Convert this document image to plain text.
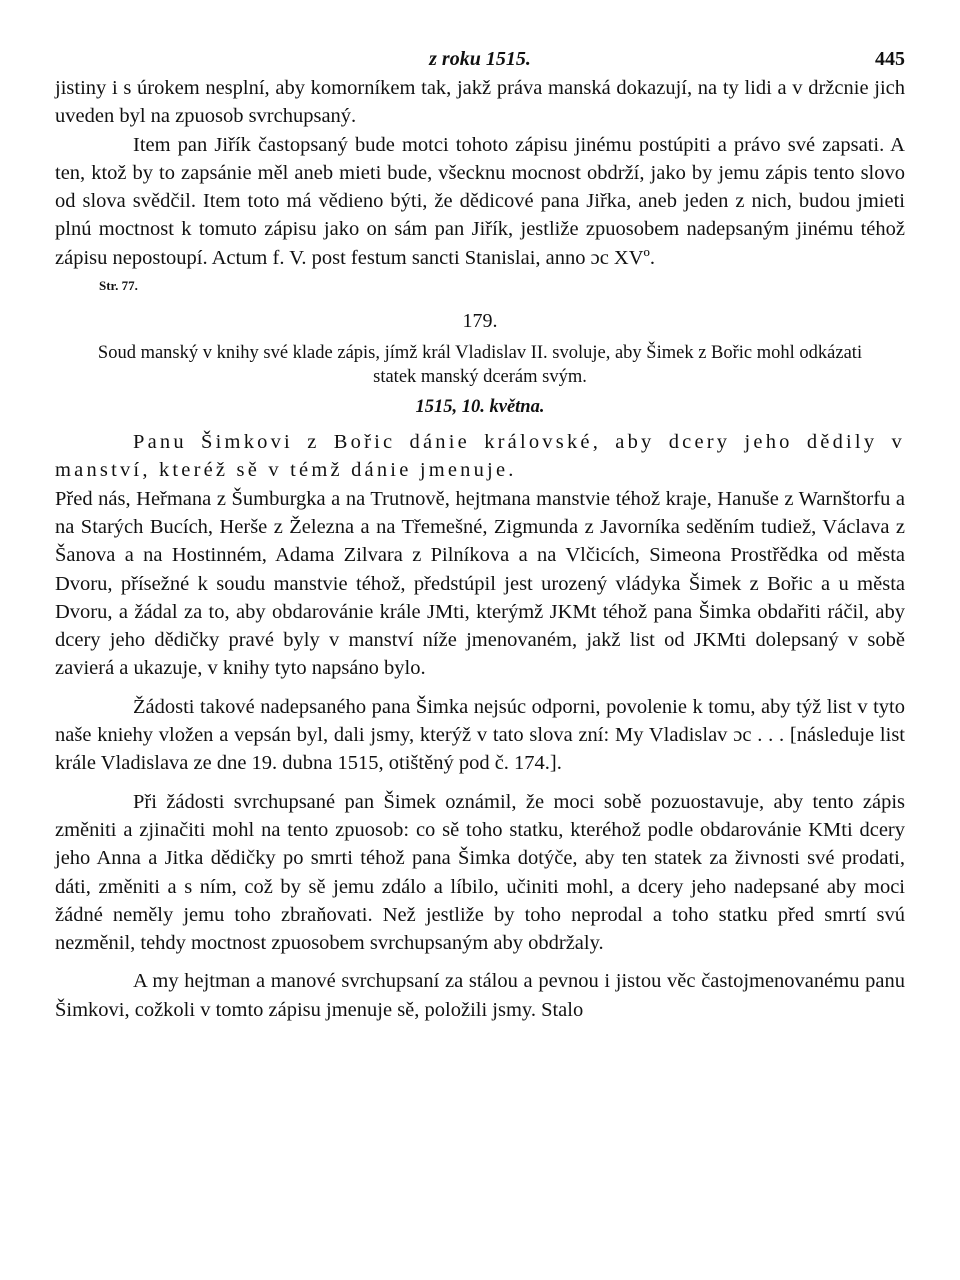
z roku 1515.	445

jistiny i s úrokem nesplní, aby komorníkem tak, jakž práva manská dokazují, na ty lidi a v držcnie jich uveden byl na zpuosob svrchupsaný.

Item pan Jiřík častopsaný bude motci tohoto zápisu jinému postúpiti a právo své zapsati. A ten, ktož by to zapsánie měl aneb mieti bude, všecknu mocnost obdrží, jako by jemu zápis tento slovo od slova svědčil. Item toto má vědieno býti, že dědicové pana Jiřka, aneb jeden z nich, budou jmieti plnú moctnost k tomuto zápisu jako on sám pan Jiřík, jestliže zpuosobem nadepsaným jinému téhož zápisu nepostoupí. Actum f. V. post festum sancti Stanislai, anno ɔc XVº.

Str. 77.
179.
Soud manský v knihy své klade zápis, jímž král Vladislav II. svoluje, aby Šimek z Bořic mohl odkázati statek manský dcerám svým.
1515, 10. května.

Panu Šimkovi z Bořic dánie královské, aby dcery jeho dědily v manství, kteréž sě v témž dánie jmenuje.

Před nás, Heřmana z Šumburgka a na Trutnově, hejtmana manstvie téhož kraje, Hanuše z Warnštorfu a na Starých Bucích, Herše z Železna a na Třemešné, Zigmunda z Javorníka seděním tudiež, Václava z Šanova a na Hostinném, Adama Zilvara z Pilníkova a na Vlčicích, Simeona Prostřědka od města Dvoru, přísežné k soudu manstvie téhož, předstúpil jest urozený vládyka Šimek z Bořic a u města Dvoru, a žádal za to, aby obdarovánie krále JMti, kterýmž JKMt téhož pana Šimka obdařiti ráčil, aby dcery jeho dědičky pravé byly v manství níže jmenovaném, jakž list od JKMti dolepsaný v sobě zavierá a ukazuje, v knihy tyto napsáno bylo.

Žádosti takové nadepsaného pana Šimka nejsúc odporni, povolenie k tomu, aby týž list v tyto naše kniehy vložen a vepsán byl, dali jsmy, kterýž v tato slova zní: My Vladislav ɔc . . . [následuje list krále Vladislava ze dne 19. dubna 1515, otištěný pod č. 174.].

Při žádosti svrchupsané pan Šimek oznámil, že moci sobě pozuostavuje, aby tento zápis změniti a zjinačiti mohl na tento zpuosob: co sě toho statku, kteréhož podle obdarovánie KMti dcery jeho Anna a Jitka dědičky po smrti téhož pana Šimka dotýče, aby ten statek za živnosti své prodati, dáti, změniti a s ním, což by sě jemu zdálo a líbilo, učiniti mohl, a dcery jeho nadepsané aby moci žádné neměly jemu toho zbraňovati. Než jestliže by toho neprodal a toho statku před smrtí svú nezměnil, tehdy moctnost zpuosobem svrchupsaným aby obdržaly.

A my hejtman a manové svrchupsaní za stálou a pevnou i jistou věc častojmenovanému panu Šimkovi, cožkoli v tomto zápisu jmenuje sě, položili jsmy. Stalo
